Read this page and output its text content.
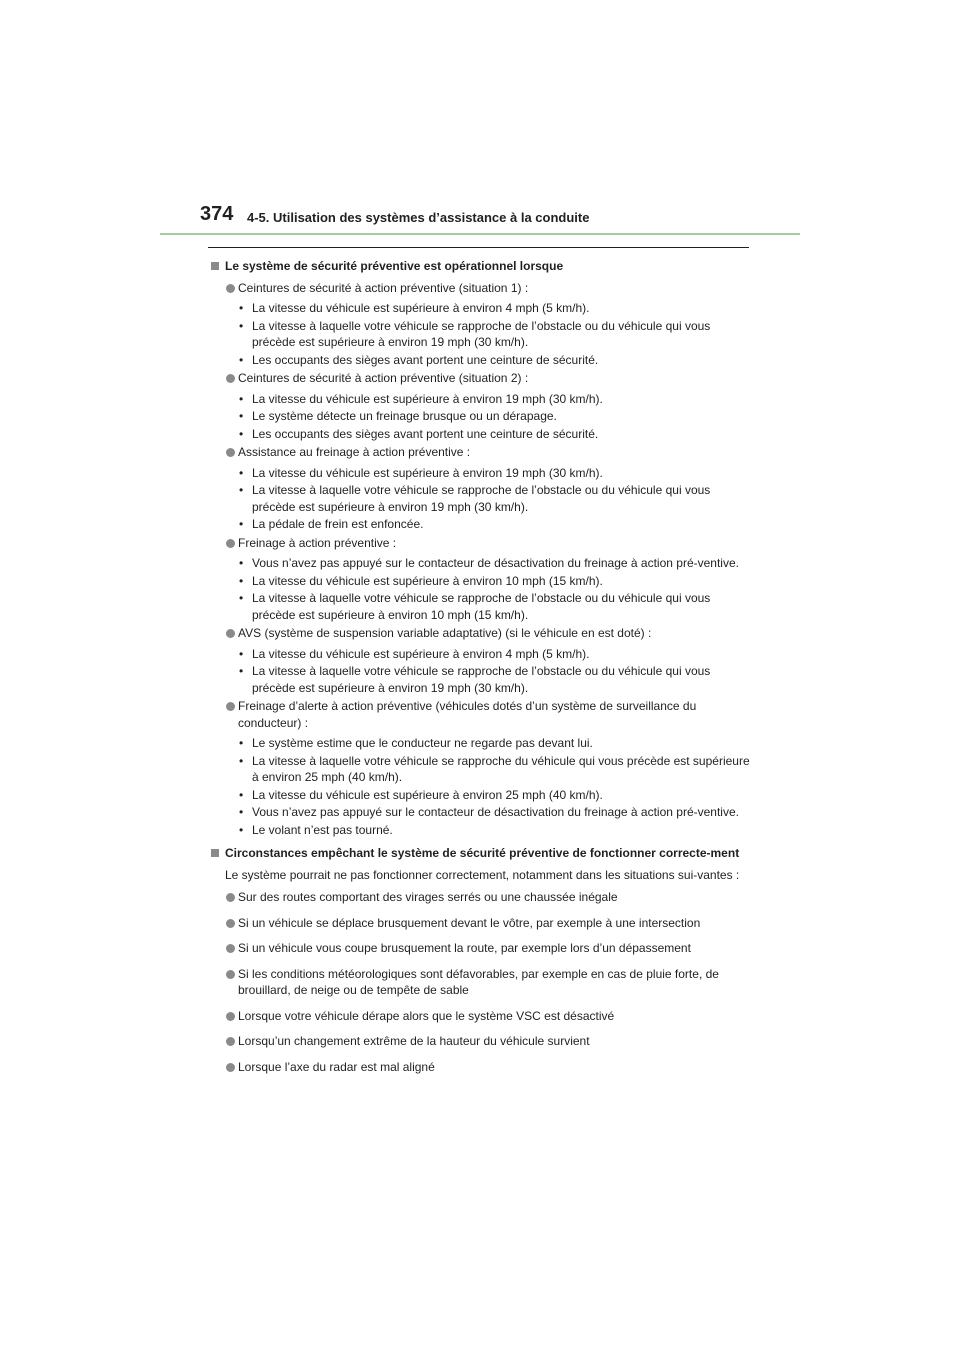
374 4-5. Utilisation des systèmes d’assistance à la conduite
Le système de sécurité préventive est opérationnel lorsque
Ceintures de sécurité à action préventive (situation 1) :
• La vitesse du véhicule est supérieure à environ 4 mph (5 km/h).
• La vitesse à laquelle votre véhicule se rapproche de l’obstacle ou du véhicule qui vous précède est supérieure à environ 19 mph (30 km/h).
• Les occupants des sièges avant portent une ceinture de sécurité.
Ceintures de sécurité à action préventive (situation 2) :
• La vitesse du véhicule est supérieure à environ 19 mph (30 km/h).
• Le système détecte un freinage brusque ou un dérapage.
• Les occupants des sièges avant portent une ceinture de sécurité.
Assistance au freinage à action préventive :
• La vitesse du véhicule est supérieure à environ 19 mph (30 km/h).
• La vitesse à laquelle votre véhicule se rapproche de l’obstacle ou du véhicule qui vous précède est supérieure à environ 19 mph (30 km/h).
• La pédale de frein est enfoncée.
Freinage à action préventive :
• Vous n’avez pas appuyé sur le contacteur de désactivation du freinage à action pré-ventive.
• La vitesse du véhicule est supérieure à environ 10 mph (15 km/h).
• La vitesse à laquelle votre véhicule se rapproche de l’obstacle ou du véhicule qui vous précède est supérieure à environ 10 mph (15 km/h).
AVS (système de suspension variable adaptative) (si le véhicule en est doté) :
• La vitesse du véhicule est supérieure à environ 4 mph (5 km/h).
• La vitesse à laquelle votre véhicule se rapproche de l’obstacle ou du véhicule qui vous précède est supérieure à environ 19 mph (30 km/h).
Freinage d’alerte à action préventive (véhicules dotés d’un système de surveillance du conducteur) :
• Le système estime que le conducteur ne regarde pas devant lui.
• La vitesse à laquelle votre véhicule se rapproche du véhicule qui vous précède est supérieure à environ 25 mph (40 km/h).
• La vitesse du véhicule est supérieure à environ 25 mph (40 km/h).
• Vous n’avez pas appuyé sur le contacteur de désactivation du freinage à action pré-ventive.
• Le volant n’est pas tourné.
Circonstances empêchant le système de sécurité préventive de fonctionner correcte-ment
Le système pourrait ne pas fonctionner correctement, notamment dans les situations sui-vantes :
Sur des routes comportant des virages serrés ou une chaussée inégale
Si un véhicule se déplace brusquement devant le vôtre, par exemple à une intersection
Si un véhicule vous coupe brusquement la route, par exemple lors d’un dépassement
Si les conditions météorologiques sont défavorables, par exemple en cas de pluie forte, de brouillard, de neige ou de tempête de sable
Lorsque votre véhicule dérape alors que le système VSC est désactivé
Lorsqu’un changement extrême de la hauteur du véhicule survient
Lorsque l’axe du radar est mal aligné
